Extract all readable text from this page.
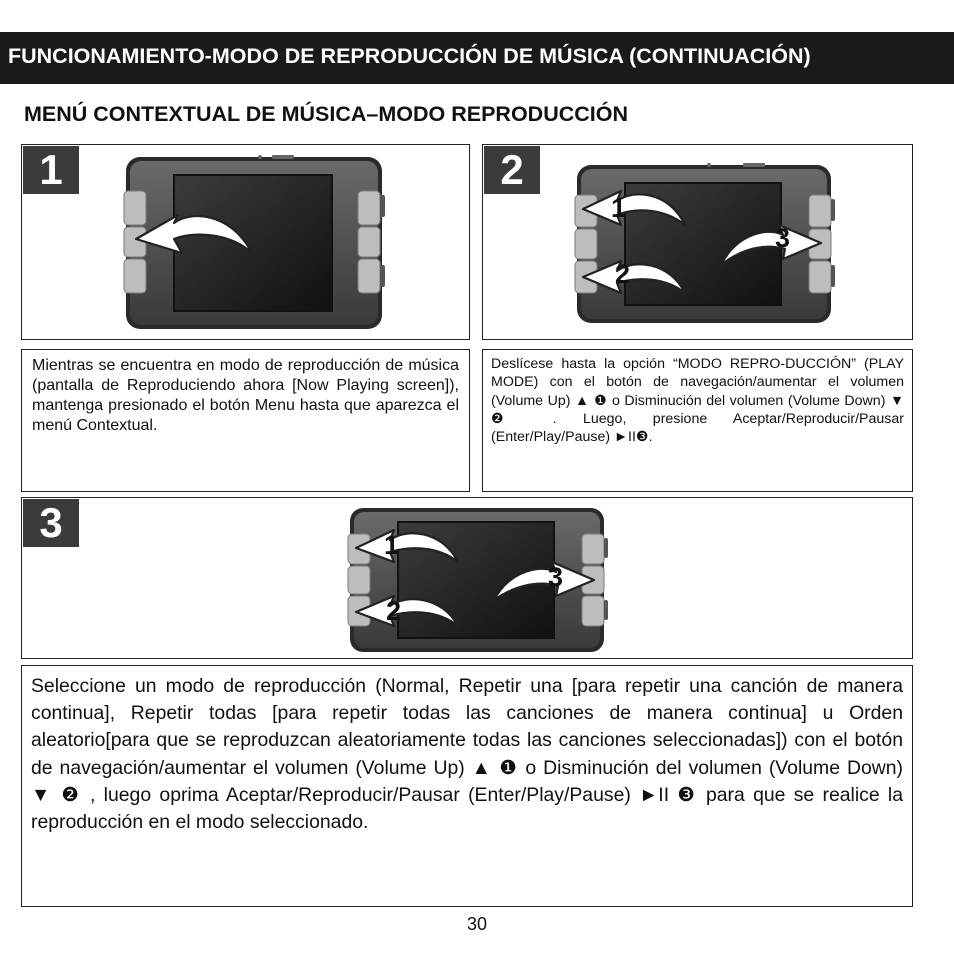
FUNCIONAMIENTO-MODO DE REPRODUCCIÓN DE MÚSICA (CONTINUACIÓN)
MENÚ CONTEXTUAL DE MÚSICA–MODO REPRODUCCIÓN
1	2
1
2
3

Mientras se encuentra en modo de reproducción de música (pantalla de Reproduciendo ahora [Now Playing screen]), mantenga presionado el botón Menu hasta que aparezca el menú Contextual.

Deslícese hasta la opción “MODO REPRO-DUCCIÓN” (PLAY MODE) con el botón de navegación/aumentar el volumen (Volume Up) ▲ ❶ o Disminución del volumen (Volume Down) ▼ ❷ . Luego, presione Aceptar/Reproducir/Pausar (Enter/Play/Pause) ►II❸.

3	1
2
3

Seleccione un modo de reproducción (Normal, Repetir una [para repetir una canción de manera continua], Repetir todas [para repetir todas las canciones de manera continua] u Orden aleatorio[para que se reproduzcan aleatoriamente todas las canciones seleccionadas]) con el botón de navegación/aumentar el volumen (Volume Up) ▲ ❶ o Disminución del volumen (Volume Down) ▼ ❷ , luego oprima Aceptar/Reproducir/Pausar (Enter/Play/Pause) ►II ❸ para que se realice la reproducción en el modo seleccionado.

30
